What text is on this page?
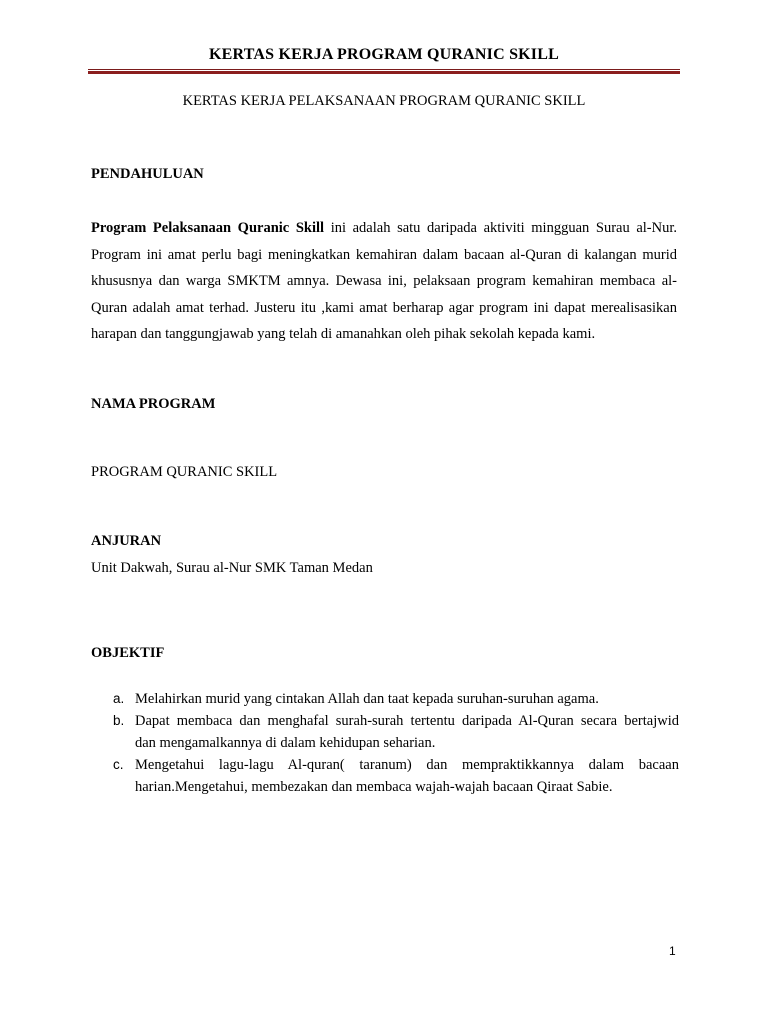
KERTAS KERJA PROGRAM QURANIC SKILL
KERTAS KERJA PELAKSANAAN PROGRAM QURANIC SKILL
PENDAHULUAN

Program Pelaksanaan Quranic Skill ini adalah satu daripada aktiviti mingguan Surau al-Nur. Program ini amat perlu bagi meningkatkan kemahiran dalam bacaan al-Quran di kalangan murid khususnya dan warga SMKTM amnya. Dewasa ini, pelaksaan program kemahiran membaca al-Quran adalah amat terhad. Justeru itu ,kami amat berharap agar program ini dapat merealisasikan harapan dan tanggungjawab yang telah di amanahkan oleh pihak sekolah kepada kami.

NAMA PROGRAM
PROGRAM QURANIC SKILL
ANJURAN
Unit Dakwah, Surau al-Nur SMK Taman Medan
OBJEKTIF
a. Melahirkan murid yang cintakan Allah dan taat kepada suruhan-suruhan agama.
b. Dapat membaca dan menghafal surah-surah tertentu daripada Al-Quran secara bertajwid    dan mengamalkannya di dalam kehidupan seharian.
c. Mengetahui lagu-lagu Al-quran( taranum) dan mempraktikkannya dalam bacaan harian.Mengetahui, membezakan dan membaca wajah-wajah bacaan Qiraat Sabie.
1
